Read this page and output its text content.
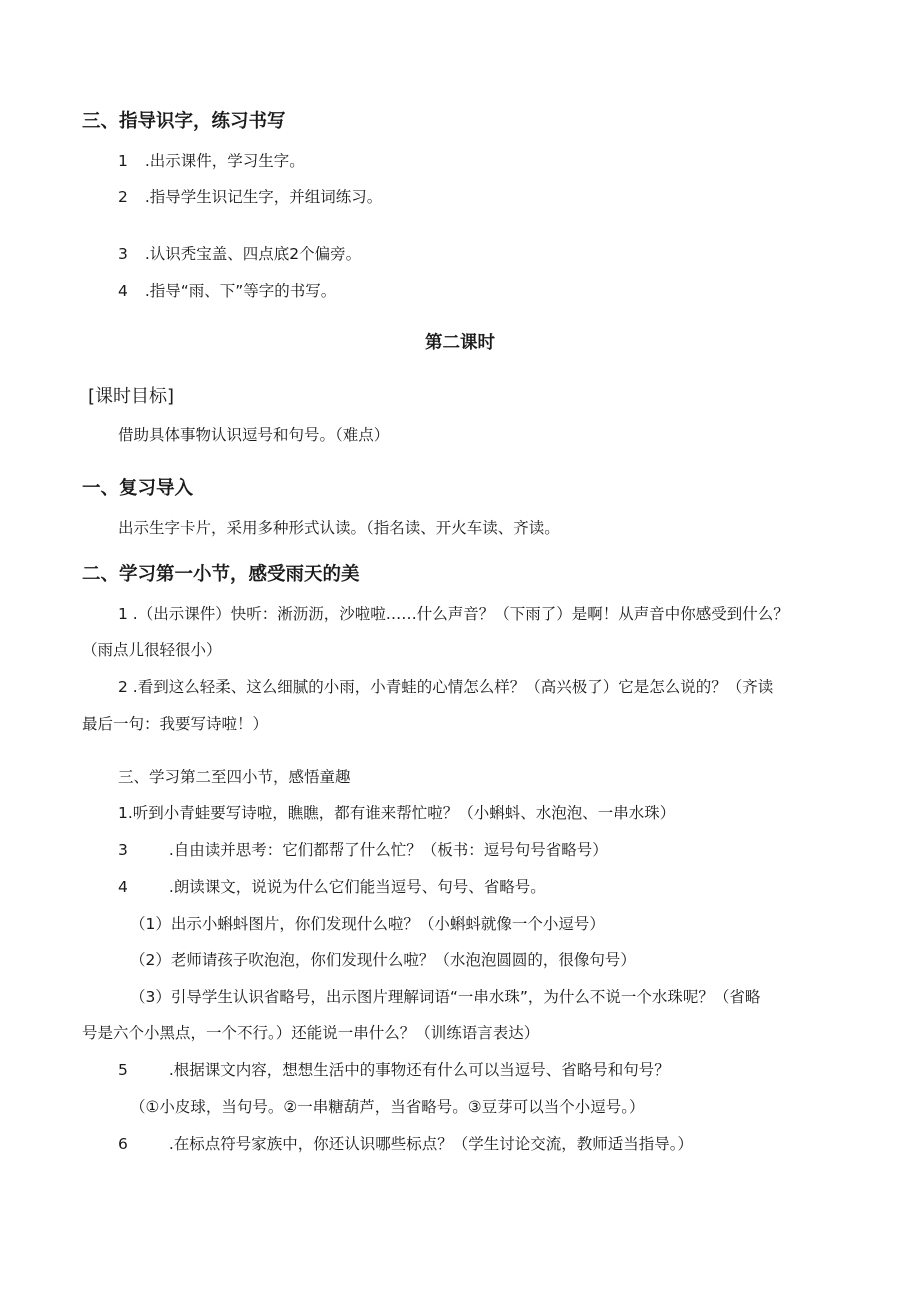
三、指导识字，练习书写
1 .出示课件，学习生字。
2 .指导学生识记生字，并组词练习。
3 .认识秃宝盖、四点底2个偏旁。
4 .指导“雨、下”等字的书写。
第二课时
[课时目标]
借助具体事物认识逗号和句号。（难点）
一、复习导入
出示生字卡片，采用多种形式认读。（指名读、开火车读、齐读。
二、学习第一小节，感受雨天的美
1 .（出示课件）快听：淅沥沥，沙啦啦……什么声音？（下雨了）是啊！从声音中你感受到什么？
（雨点儿很轻很小）
2 .看到这么轻柔、这么细腻的小雨，小青蛙的心情怎么样？（高兴极了）它是怎么说的？（齐读
最后一句：我要写诗啦！）
三、学习第二至四小节，感悟童趣
1.听到小青蛙要写诗啦，瞧瞧，都有谁来帮忙啦？（小蝌蚪、水泡泡、一串水珠）
3	.自由读并思考：它们都帮了什么忙？（板书：逗号句号省略号）
4	.朗读课文，说说为什么它们能当逗号、句号、省略号。
（1）出示小蝌蚪图片，你们发现什么啦？（小蝌蚪就像一个小逗号）
（2）老师请孩子吹泡泡，你们发现什么啦？（水泡泡圆圆的，很像句号）
（3）引导学生认识省略号，出示图片理解词语“一串水珠”，为什么不说一个水珠呢？（省略
号是六个小黑点，一个不行。）还能说一串什么？（训练语言表达）
5	.根据课文内容，想想生活中的事物还有什么可以当逗号、省略号和句号？
（①小皮球，当句号。②一串糖葫芦，当省略号。③豆芽可以当个小逗号。）
6	.在标点符号家族中，你还认识哪些标点？（学生讨论交流，教师适当指导。）
